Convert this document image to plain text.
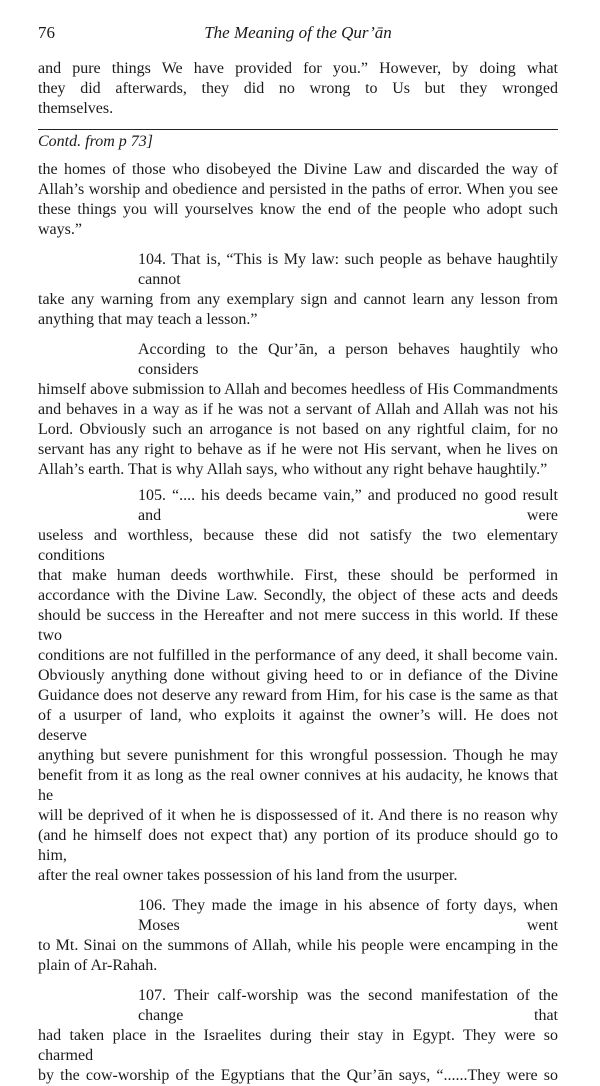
76	The Meaning of the Qur’ān
and pure things We have provided for you.” However, by doing what
they did afterwards, they did no wrong to Us but they wronged
themselves.
Contd. from p 73]
the homes of those who disobeyed the Divine Law and discarded the way of
Allah’s worship and obedience and persisted in the paths of error. When you see
these things you will yourselves know the end of the people who adopt such
ways.”
104. That is, “This is My law: such people as behave haughtily cannot
take any warning from any exemplary sign and cannot learn any lesson from
anything that may teach a lesson.”
According to the Qur’ān, a person behaves haughtily who considers
himself above submission to Allah and becomes heedless of His Commandments
and behaves in a way as if he was not a servant of Allah and Allah was not his
Lord. Obviously such an arrogance is not based on any rightful claim, for no
servant has any right to behave as if he were not His servant, when he lives on
Allah’s earth. That is why Allah says, who without any right behave haughtily.”
105. “.... his deeds became vain,” and produced no good result and were
useless and worthless, because these did not satisfy the two elementary conditions
that make human deeds worthwhile. First, these should be performed in
accordance with the Divine Law. Secondly, the object of these acts and deeds
should be success in the Hereafter and not mere success in this world. If these two
conditions are not fulfilled in the performance of any deed, it shall become vain.
Obviously anything done without giving heed to or in defiance of the Divine
Guidance does not deserve any reward from Him, for his case is the same as that
of a usurper of land, who exploits it against the owner’s will. He does not deserve
anything but severe punishment for this wrongful possession. Though he may
benefit from it as long as the real owner connives at his audacity, he knows that he
will be deprived of it when he is dispossessed of it. And there is no reason why
(and he himself does not expect that) any portion of its produce should go to him,
after the real owner takes possession of his land from the usurper.
106. They made the image in his absence of forty days, when Moses went
to Mt. Sinai on the summons of Allah, while his people were encamping in the
plain of Ar-Rahah.
107. Their calf-worship was the second manifestation of the change that
had taken place in the Israelites during their stay in Egypt. They were so charmed
by the cow-worship of the Egyptians that the Qur’ān says, “......They were so
